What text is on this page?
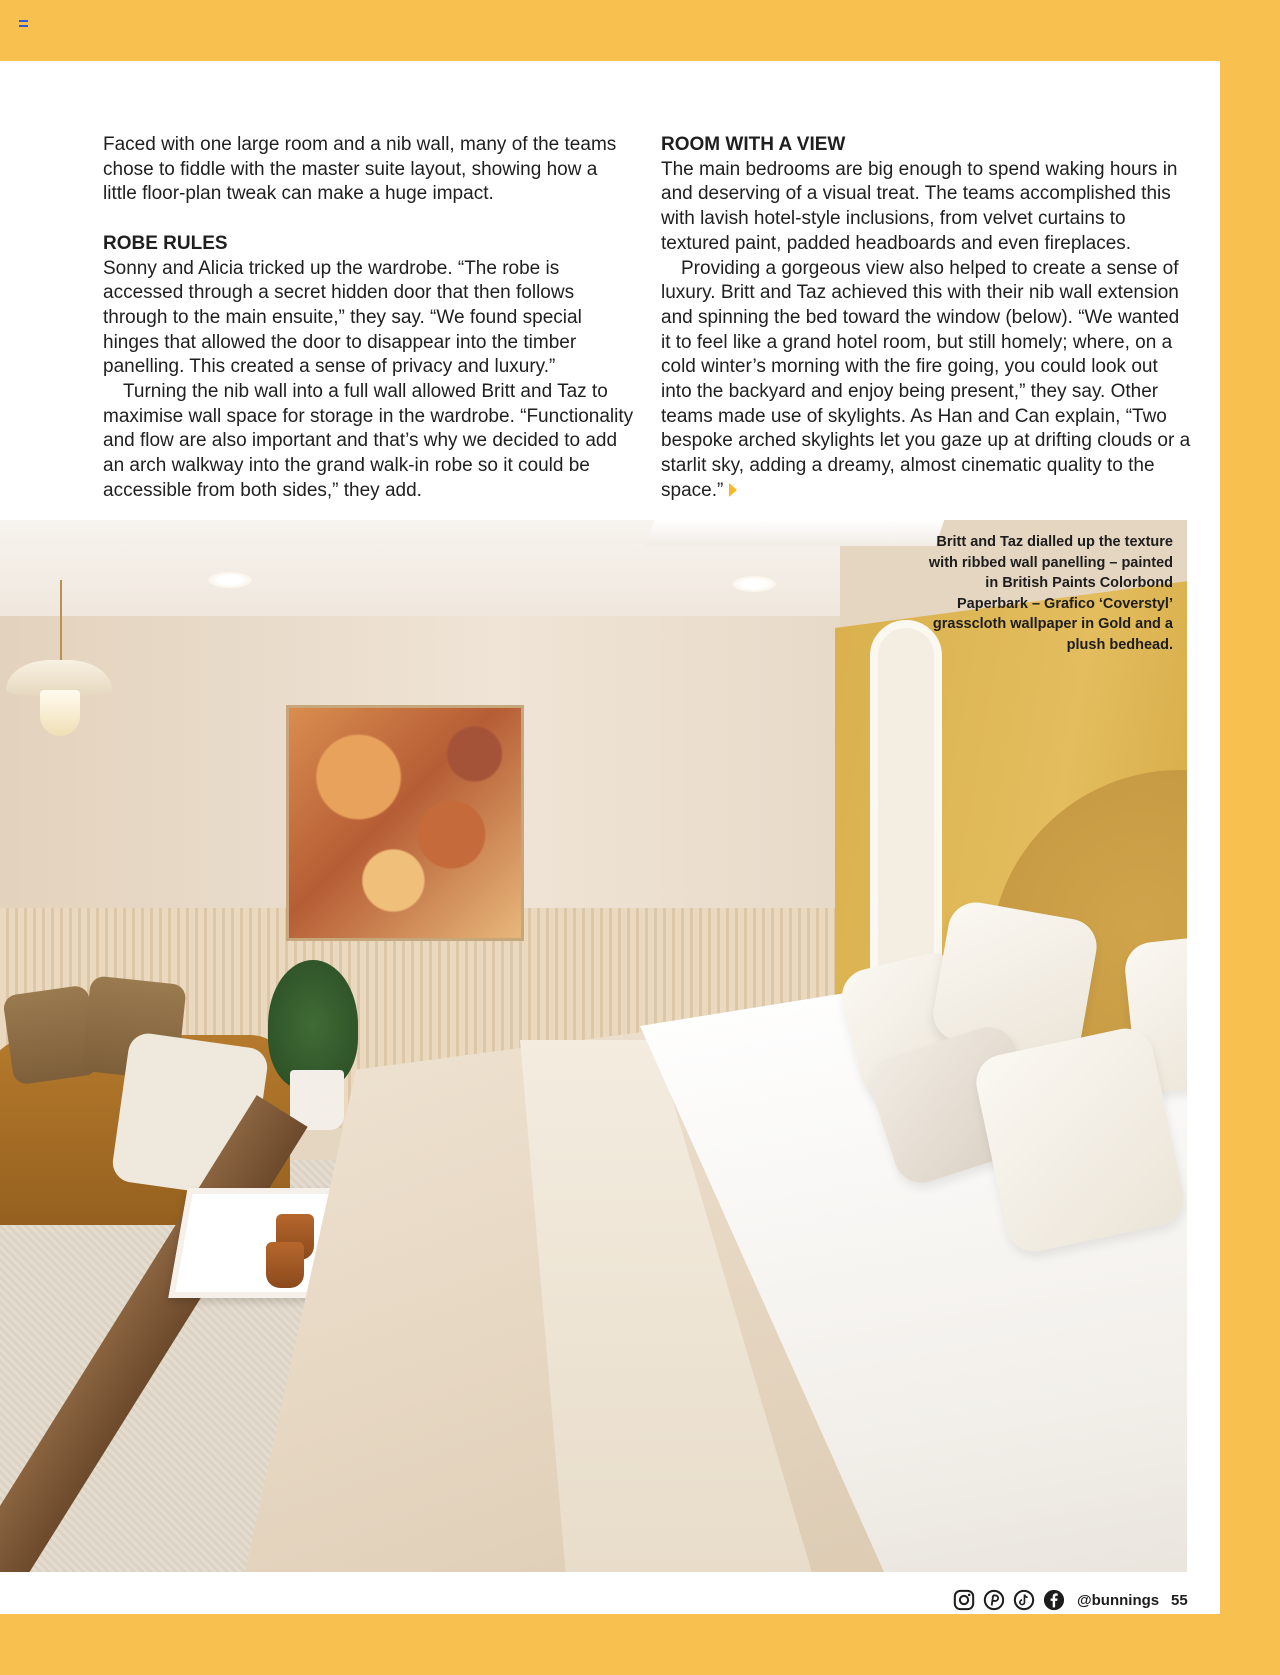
Faced with one large room and a nib wall, many of the teams chose to fiddle with the master suite layout, showing how a little floor-plan tweak can make a huge impact.

ROBE RULES

Sonny and Alicia tricked up the wardrobe. “The robe is accessed through a secret hidden door that then follows through to the main ensuite,” they say. “We found special hinges that allowed the door to disappear into the timber panelling. This created a sense of privacy and luxury.”

Turning the nib wall into a full wall allowed Britt and Taz to maximise wall space for storage in the wardrobe. “Functionality and flow are also important and that’s why we decided to add an arch walkway into the grand walk-in robe so it could be accessible from both sides,” they add.

ROOM WITH A VIEW

The main bedrooms are big enough to spend waking hours in and deserving of a visual treat. The teams accomplished this with lavish hotel-style inclusions, from velvet curtains to textured paint, padded headboards and even fireplaces.

Providing a gorgeous view also helped to create a sense of luxury. Britt and Taz achieved this with their nib wall extension and spinning the bed toward the window (below). “We wanted it to feel like a grand hotel room, but still homely; where, on a cold winter’s morning with the fire going, you could look out into the backyard and enjoy being present,” they say. Other teams made use of skylights. As Han and Can explain, “Two bespoke arched skylights let you gaze up at drifting clouds or a starlit sky, adding a dreamy, almost cinematic quality to the space.”

Britt and Taz dialled up the texture with ribbed wall panelling – painted in British Paints Colorbond Paperbark – Grafico ‘Coverstyl’ grasscloth wallpaper in Gold and a plush bedhead.
@bunnings 55
